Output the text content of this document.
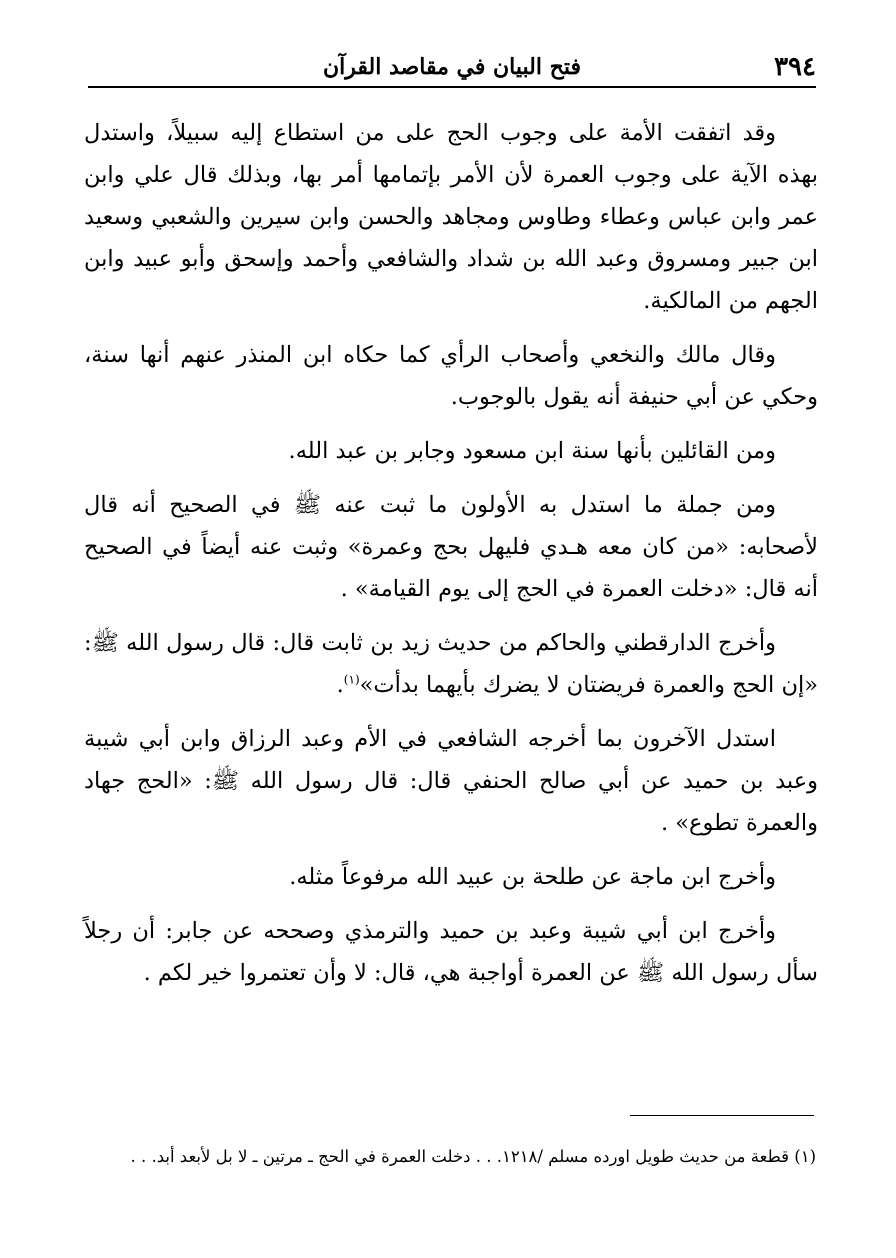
٣٩٤
فتح البيان في مقاصد القرآن

وقد اتفقت الأمة على وجوب الحج على من استطاع إليه سبيلاً، واستدل بهذه الآية على وجوب العمرة لأن الأمر بإتمامها أمر بها، وبذلك قال علي وابن عمر وابن عباس وعطاء وطاوس ومجاهد والحسن وابن سيرين والشعبي وسعيد ابن جبير ومسروق وعبد الله بن شداد والشافعي وأحمد وإسحق وأبو عبيد وابن الجهم من المالكية.

وقال مالك والنخعي وأصحاب الرأي كما حكاه ابن المنذر عنهم أنها سنة، وحكي عن أبي حنيفة أنه يقول بالوجوب.

ومن القائلين بأنها سنة ابن مسعود وجابر بن عبد الله.

ومن جملة ما استدل به الأولون ما ثبت عنه ﷺ في الصحيح أنه قال لأصحابه: «من كان معه هـدي فليهل بحج وعمرة» وثبت عنه أيضاً في الصحيح أنه قال: «دخلت العمرة في الحج إلى يوم القيامة» .

وأخرج الدارقطني والحاكم من حديث زيد بن ثابت قال: قال رسول الله ﷺ: «إن الحج والعمرة فريضتان لا يضرك بأيهما بدأت»$^{(١)}$.

استدل الآخرون بما أخرجه الشافعي في الأم وعبد الرزاق وابن أبي شيبة وعبد بن حميد عن أبي صالح الحنفي قال: قال رسول الله ﷺ: «الحج جهاد والعمرة تطوع» .

وأخرج ابن ماجة عن طلحة بن عبيد الله مرفوعاً مثله.

وأخرج ابن أبي شيبة وعبد بن حميد والترمذي وصححه عن جابر: أن رجلاً سأل رسول الله ﷺ عن العمرة أواجبة هي، قال: لا وأن تعتمروا خير لكم .

(١) قطعة من حديث طويل اورده مسلم /١٢١٨. . . دخلت العمرة في الحج ـ مرتين ـ لا بل لأبعد أبد. . .
